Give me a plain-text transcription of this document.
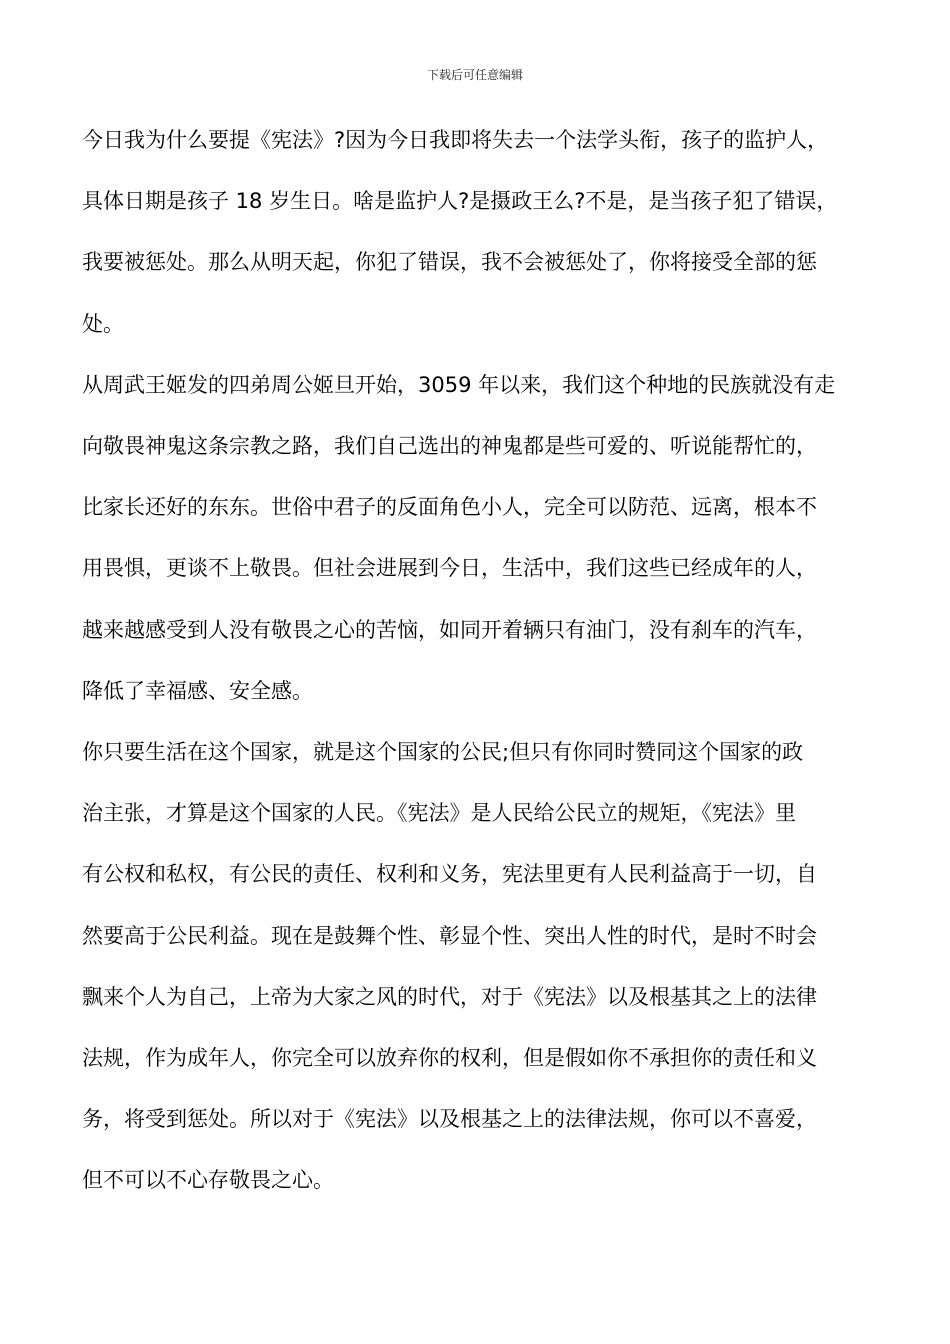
下载后可任意编辑

今日我为什么要提《宪法》?因为今日我即将失去一个法学头衔，孩子的监护人，
具体日期是孩子 18 岁生日。啥是监护人?是摄政王么?不是，是当孩子犯了错误，
我要被惩处。那么从明天起，你犯了错误，我不会被惩处了，你将接受全部的惩
处。

从周武王姬发的四弟周公姬旦开始，3059 年以来，我们这个种地的民族就没有走
向敬畏神鬼这条宗教之路，我们自己选出的神鬼都是些可爱的、听说能帮忙的，
比家长还好的东东。世俗中君子的反面角色小人，完全可以防范、远离，根本不
用畏惧，更谈不上敬畏。但社会进展到今日，生活中，我们这些已经成年的人，
越来越感受到人没有敬畏之心的苦恼，如同开着辆只有油门，没有刹车的汽车，
降低了幸福感、安全感。

你只要生活在这个国家，就是这个国家的公民;但只有你同时赞同这个国家的政
治主张，才算是这个国家的人民。《宪法》是人民给公民立的规矩，《宪法》里
有公权和私权，有公民的责任、权利和义务，宪法里更有人民利益高于一切，自
然要高于公民利益。现在是鼓舞个性、彰显个性、突出人性的时代，是时不时会
飘来个人为自己，上帝为大家之风的时代，对于《宪法》以及根基其之上的法律
法规，作为成年人，你完全可以放弃你的权利，但是假如你不承担你的责任和义
务，将受到惩处。所以对于《宪法》以及根基之上的法律法规，你可以不喜爱，
但不可以不心存敬畏之心。
